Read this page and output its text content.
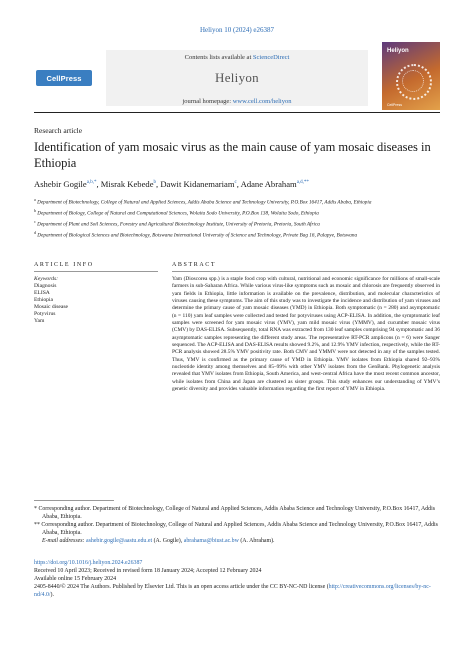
Heliyon 10 (2024) e26387
CellPress
Contents lists available at ScienceDirect
Heliyon
journal homepage: www.cell.com/heliyon
Heliyon
CellPress
Research article
Identification of yam mosaic virus as the main cause of yam mosaic diseases in Ethiopia
Ashebir Gogile$^{a,b,*}$, Misrak Kebede$^b$, Dawit Kidanemariam$^c$, Adane Abraham$^{a,d,**}$
$^a$ Department of Biotechnology, College of Natural and Applied Sciences, Addis Ababa Science and Technology University, P.O.Box 16417, Addis Ababa, Ethiopia
$^b$ Department of Biology, College of Natural and Computational Sciences, Wolaita Sodo University, P.O.Box 138, Wolaita Sodo, Ethiopia
$^c$ Department of Plant and Soil Sciences, Forestry and Agricultural Biotechnology Institute, University of Pretoria, Pretoria, South Africa
$^d$ Department of Biological Sciences and Biotechnology, Botswana International University of Science and Technology, Private Bag 16, Palapye, Botswana
ARTICLE INFO	ABSTRACT
Keywords:
Diagnosis
ELISA
Ethiopia
Mosaic disease
Potyvirus
Yam
Yam (Dioscorea spp.) is a staple food crop with cultural, nutritional and economic significance for millions of small-scale farmers in sub-Saharan Africa. While various virus-like symptoms such as mosaic and chlorosis are frequently observed in yam fields in Ethiopia, little information is available on the prevalence, distribution, and molecular characteristics of viruses causing these symptoms. The aim of this study was to investigate the incidence and distribution of yam viruses and determine the primary cause of yam mosaic diseases (YMD) in Ethiopia. Both symptomatic (n = 280) and asymptomatic (n = 110) yam leaf samples were collected and tested for potyviruses using ACP-ELISA. In addition, the symptomatic leaf samples were screened for yam mosaic virus (YMV), yam mild mosaic virus (YMMV), and cucumber mosaic virus (CMV) by DAS-ELISA. Subsequently, total RNA was extracted from 130 leaf samples comprising 94 symptomatic and 36 asymptomatic samples representing the different study areas. The representative RT-PCR amplicons (n = 6) were Sanger sequenced. The ACP-ELISA and DAS-ELISA results showed 9.2%, and 12.9% YMV infection, respectively, while the RT-PCR analysis showed 28.5% YMV positivity rate. Both CMV and YMMV were not detected in any of the samples tested. Thus, YMV is confirmed as the primary cause of YMD in Ethiopia. YMV isolates from Ethiopia shared 92–93% nucleotide identity among themselves and 85–99% with other YMV isolates from the GenBank. Phylogenetic analysis revealed that YMV isolates from Ethiopia, South America, and west-central Africa have the most recent common ancestor, while isolates from China and Japan are clustered as sister groups. This study enhances our understanding of YMV’s genetic diversity and provides valuable information regarding the first report of YMV in Ethiopia.

* Corresponding author. Department of Biotechnology, College of Natural and Applied Sciences, Addis Ababa Science and Technology University, P.O.Box 16417, Addis Ababa, Ethiopia.

** Corresponding author. Department of Biotechnology, College of Natural and Applied Sciences, Addis Ababa Science and Technology University, P.O.Box 16417, Addis Ababa, Ethiopia.

E-mail addresses: ashebir.gogile@aastu.edu.et (A. Gogile), abrahama@biust.ac.bw (A. Abraham).

https://doi.org/10.1016/j.heliyon.2024.e26387

Received 10 April 2023; Received in revised form 18 January 2024; Accepted 12 February 2024

Available online 15 February 2024

2405-8440/© 2024 The Authors. Published by Elsevier Ltd. This is an open access article under the CC BY-NC-ND license (http://creativecommons.org/licenses/by-nc-nd/4.0/).
